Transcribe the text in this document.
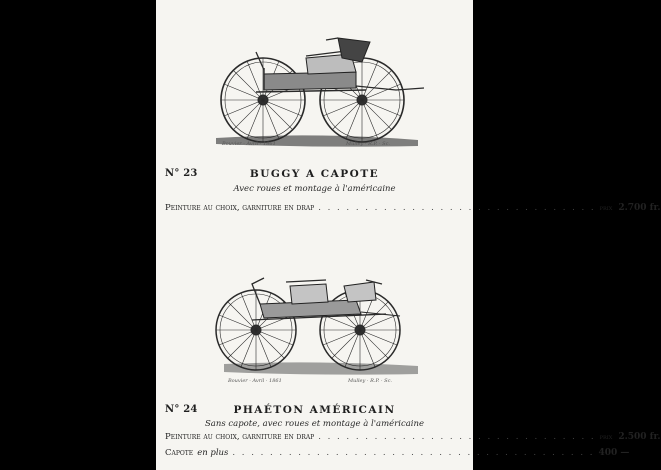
Bouvier · Avril · 1861	Mulley · R.P. · Sc.
N° 23	BUGGY A CAPOTE
Avec roues et montage à l'américaine
Peinture au choix, garniture en drap . . . . . . . . . . . . . . . . . . . . . . . . . . . . . . prix 2.700 fr.
Bouvier · Avril · 1861	Mulley · R.P. · Sc.
N° 24	PHAÉTON AMÉRICAIN
Sans capote, avec roues et montage à l'américaine
Peinture au choix, garniture en drap . . . . . . . . . . . . . . . . . . . . . . . . . . . . . . prix 2.500 fr.
Capote en plus . . . . . . . . . . . . . . . . . . . . . . . . . . . . . . . . . . . . . . . 400 —
